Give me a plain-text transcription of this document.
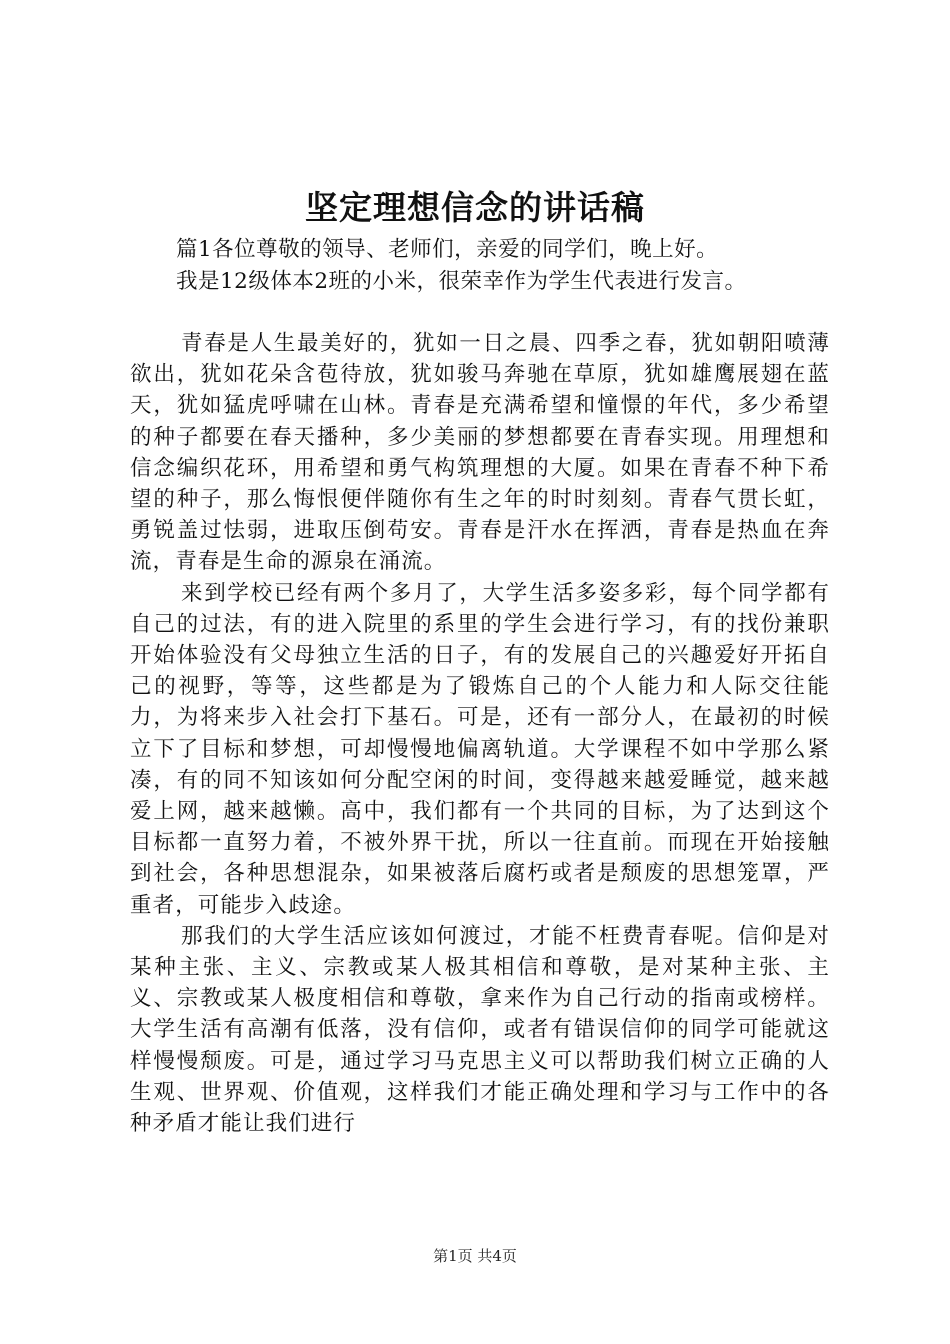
坚定理想信念的讲话稿

篇1各位尊敬的领导、老师们，亲爱的同学们，晚上好。

我是12级体本2班的小米，很荣幸作为学生代表进行发言。

青春是人生最美好的，犹如一日之晨、四季之春，犹如朝阳喷薄欲出，犹如花朵含苞待放，犹如骏马奔驰在草原，犹如雄鹰展翅在蓝天，犹如猛虎呼啸在山林。青春是充满希望和憧憬的年代，多少希望的种子都要在春天播种，多少美丽的梦想都要在青春实现。用理想和信念编织花环，用希望和勇气构筑理想的大厦。如果在青春不种下希望的种子，那么悔恨便伴随你有生之年的时时刻刻。青春气贯长虹，勇锐盖过怯弱，进取压倒苟安。青春是汗水在挥洒，青春是热血在奔流，青春是生命的源泉在涌流。

来到学校已经有两个多月了，大学生活多姿多彩，每个同学都有自己的过法，有的进入院里的系里的学生会进行学习，有的找份兼职开始体验没有父母独立生活的日子，有的发展自己的兴趣爱好开拓自己的视野，等等，这些都是为了锻炼自己的个人能力和人际交往能力，为将来步入社会打下基石。可是，还有一部分人，在最初的时候立下了目标和梦想，可却慢慢地偏离轨道。大学课程不如中学那么紧凑，有的同不知该如何分配空闲的时间，变得越来越爱睡觉，越来越爱上网，越来越懒。高中，我们都有一个共同的目标，为了达到这个目标都一直努力着，不被外界干扰，所以一往直前。而现在开始接触到社会，各种思想混杂，如果被落后腐朽或者是颓废的思想笼罩，严重者，可能步入歧途。

那我们的大学生活应该如何渡过，才能不枉费青春呢。信仰是对某种主张、主义、宗教或某人极其相信和尊敬，是对某种主张、主义、宗教或某人极度相信和尊敬，拿来作为自己行动的指南或榜样。大学生活有高潮有低落，没有信仰，或者有错误信仰的同学可能就这样慢慢颓废。可是，通过学习马克思主义可以帮助我们树立正确的人生观、世界观、价值观，这样我们才能正确处理和学习与工作中的各种矛盾才能让我们进行

第1页 共4页
